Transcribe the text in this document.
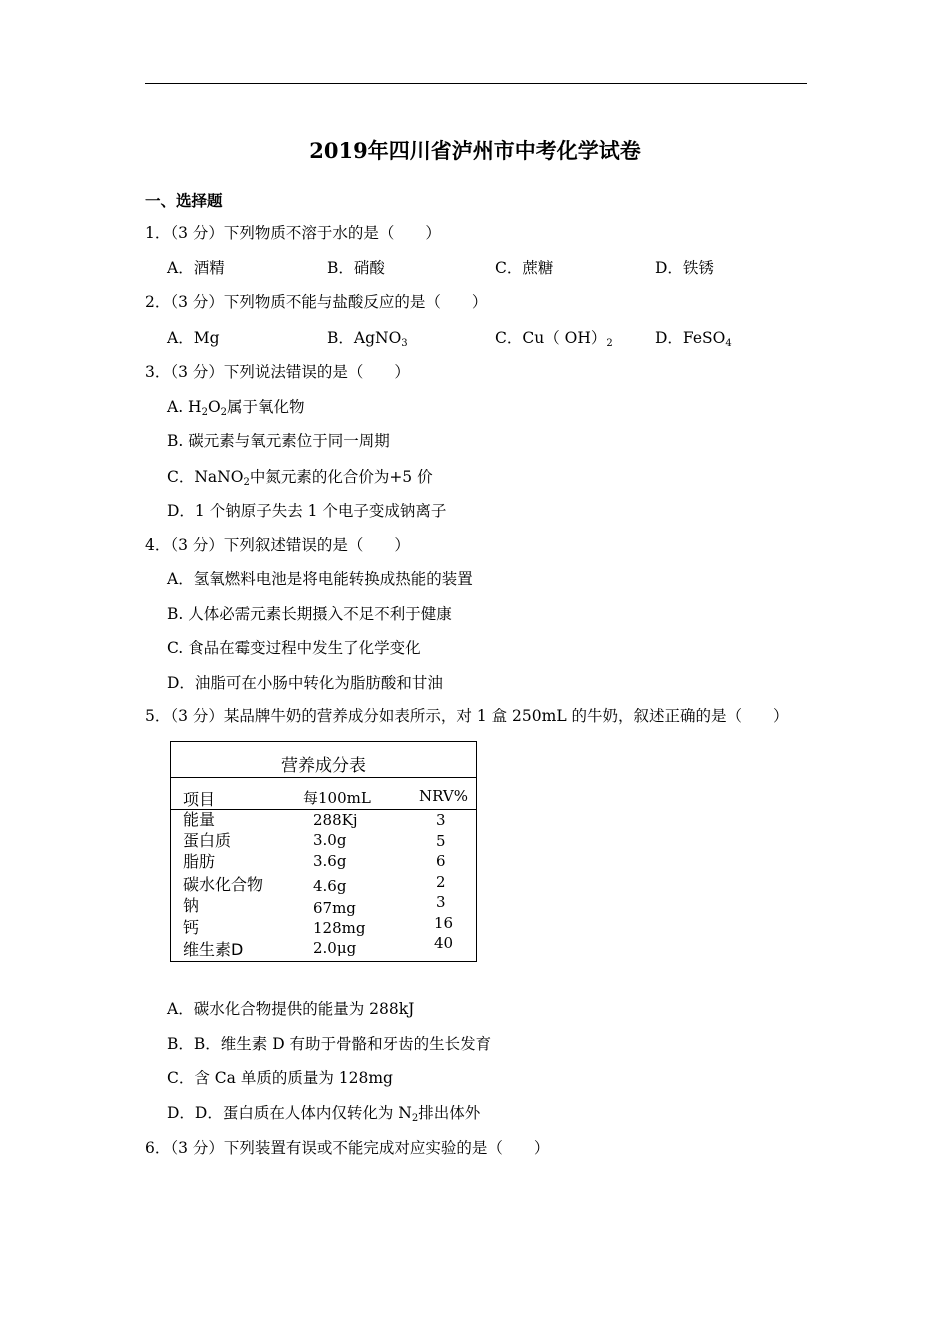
2019年四川省泸州市中考化学试卷
一、选择题
1．（3 分）下列物质不溶于水的是（　　）
A．酒精	B．硝酸	C．蔗糖	D．铁锈
2．（3 分）下列物质不能与盐酸反应的是（　　）
A．Mg	B．AgNO$_3$	C．Cu（ $OH)_2$	D．FeSO$_4$
3．（3 分）下列说法错误的是（　　）
A. $H_2O_2$属于氧化物
B. 碳元素与氧元素位于同一周期
C．NaNO$_2$中氮元素的化合价为+5 价
D．1 个钠原子失去 1 个电子变成钠离子
4．（3 分）下列叙述错误的是（　　）
A．氢氧燃料电池是将电能转换成热能的装置
B. 人体必需元素长期摄入不足不利于健康
C. 食品在霉变过程中发生了化学变化
D．油脂可在小肠中转化为脂肪酸和甘油
5．（3 分）某品牌牛奶的营养成分如表所示，对 1 盒 250mL 的牛奶，叙述正确的是（　　）
营养成分表
项目	每100mL	NRV%
能量	288Kj	3
蛋白质	3.0g	5
脂肪	3.6g	6
碳水化合物	4.6g	2
钠	67mg	3
钙	128mg	16
维生素D	2.0μg	40
A．碳水化合物提供的能量为 288kJ
B．B．维生素 D 有助于骨骼和牙齿的生长发育
C．含 Ca 单质的质量为 128mg
D．D．蛋白质在人体内仅转化为 $N_2$排出体外
6．（3 分）下列装置有误或不能完成对应实验的是（　　）
